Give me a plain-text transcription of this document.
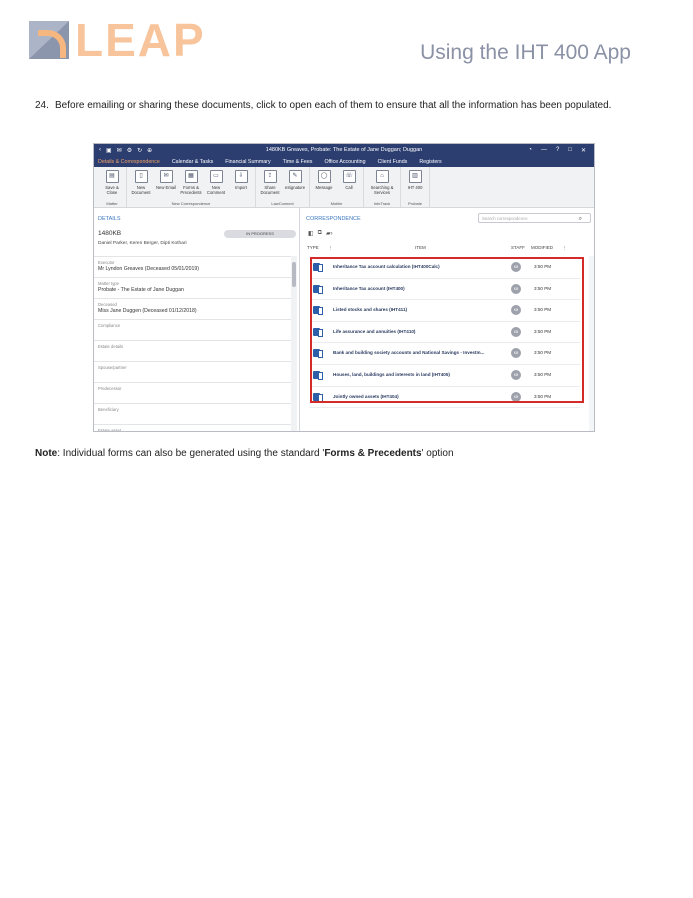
LEAP	Using the IHT 400 App
24. Before emailing or sharing these documents, click to open each of them to ensure that all the information has been populated.
‹ ▣ ✉ ⚙ ↻ ⊕	1480KB Greaves, Probate: The Estate of Jane Duggan; Duggan	◔ — ? □ ✕
Details & Correspondence Calendar & Tasks Financial Summary Time & Fees Office Accounting Client Funds Registers
▤
Save & Close
Matter
▯
New Document
✉
New Email
▦
Forms & Precedents
▭
New Comment
⇩
Import
New Correspondence
⇪
Share Document
✎
eSignature
LawConnect
◯
Message
☏
Call
Mobile
⌂
Searching & Services
InfoTrack
▥
IHT 400
Probate
DETAILS
1480KB	IN PROGRESS
Daniel Parker, Keren Berger, Dipti Kothari
Executor
Mr Lyndon Greaves (Deceased 05/01/2019)
Matter type
Probate - The Estate of Jane Duggan
Deceased
Miss Jane Duggen (Deceased 01/12/2018)
Compliance
Estate details
Spouse/partner
Predecessor
Beneficiary
Estate asset
CORRESPONDENCE	Search correspondence	⌕
◧ ⧉ ▰›
TYPE ⋮	ITEM	STAFF MODIFIED ⋮
Inheritance Tax account calculation (IHT400Calc)	KB	3:50 PM
Inheritance Tax account (IHT400)	KB	3:50 PM
Listed stocks and shares (IHT411)	KB	3:50 PM
Life assurance and annuities (IHT410)	KB	3:50 PM
Bank and building society accounts and National Savings - Investm...	KB	3:50 PM
Houses, land, buildings and interests in land (IHT405)	KB	3:50 PM
Jointly owned assets (IHT404)	KB	3:50 PM
Note: Individual forms can also be generated using the standard 'Forms & Precedents' option
